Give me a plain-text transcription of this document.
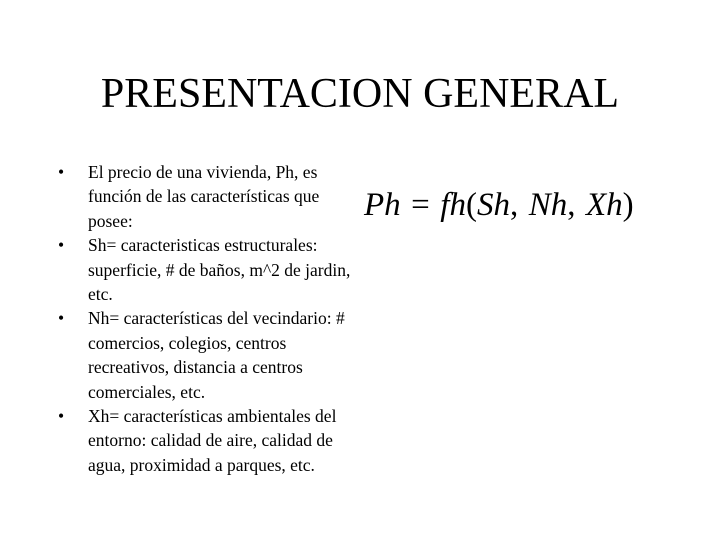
PRESENTACION GENERAL
• El precio de una vivienda, Ph, es función de las características que posee:
• Sh= caracteristicas estructurales: superficie, # de baños, m^2 de jardin, etc.
• Nh= características del vecindario: # comercios, colegios, centros recreativos, distancia a centros comerciales, etc.
• Xh= características ambientales del entorno: calidad de aire, calidad de agua, proximidad a parques, etc.
Ph = fh(Sh, Nh, Xh)
